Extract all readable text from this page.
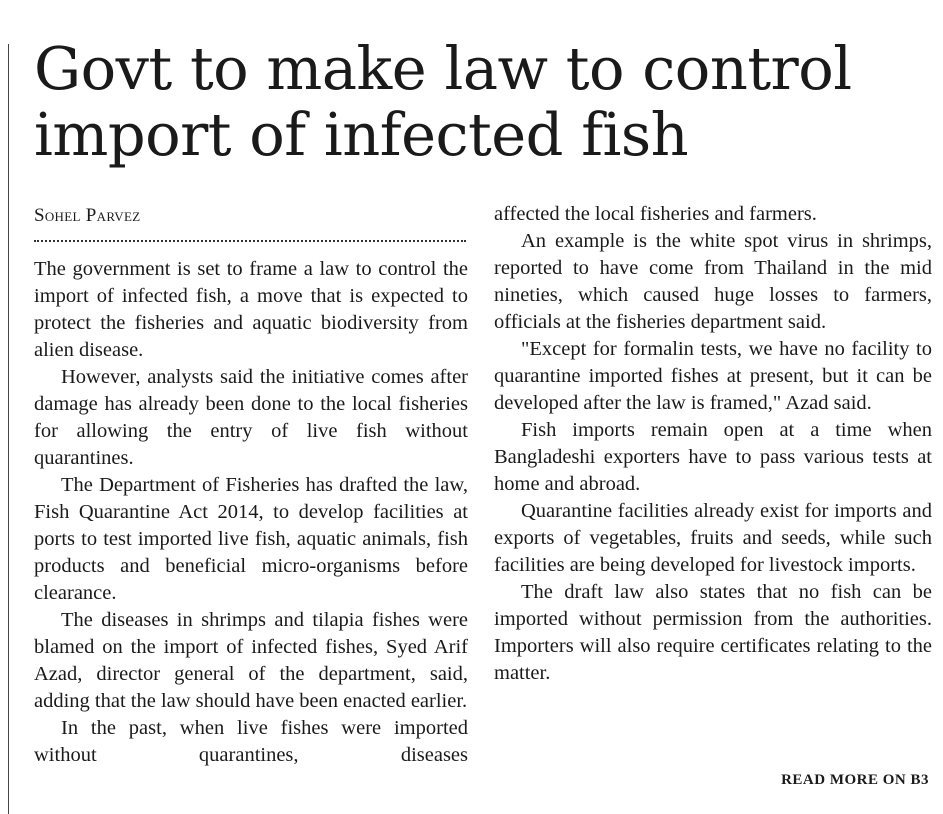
Govt to make law to control import of infected fish
Sohel Parvez

The government is set to frame a law to control the import of infected fish, a move that is expected to protect the fisheries and aquatic biodiversity from alien disease.

However, analysts said the initiative comes after damage has already been done to the local fisheries for allowing the entry of live fish without quarantines.

The Department of Fisheries has drafted the law, Fish Quarantine Act 2014, to develop facilities at ports to test imported live fish, aquatic animals, fish products and beneficial micro-organisms before clearance.

The diseases in shrimps and tilapia fishes were blamed on the import of infected fishes, Syed Arif Azad, director general of the department, said, adding that the law should have been enacted earlier.

In the past, when live fishes were imported without quarantines, diseases

affected the local fisheries and farmers.

An example is the white spot virus in shrimps, reported to have come from Thailand in the mid nineties, which caused huge losses to farmers, officials at the fisheries department said.

"Except for formalin tests, we have no facility to quarantine imported fishes at present, but it can be developed after the law is framed," Azad said.

Fish imports remain open at a time when Bangladeshi exporters have to pass various tests at home and abroad.

Quarantine facilities already exist for imports and exports of vegetables, fruits and seeds, while such facilities are being developed for livestock imports.

The draft law also states that no fish can be imported without permission from the authorities. Importers will also require certificates relating to the matter.

READ MORE ON B3
